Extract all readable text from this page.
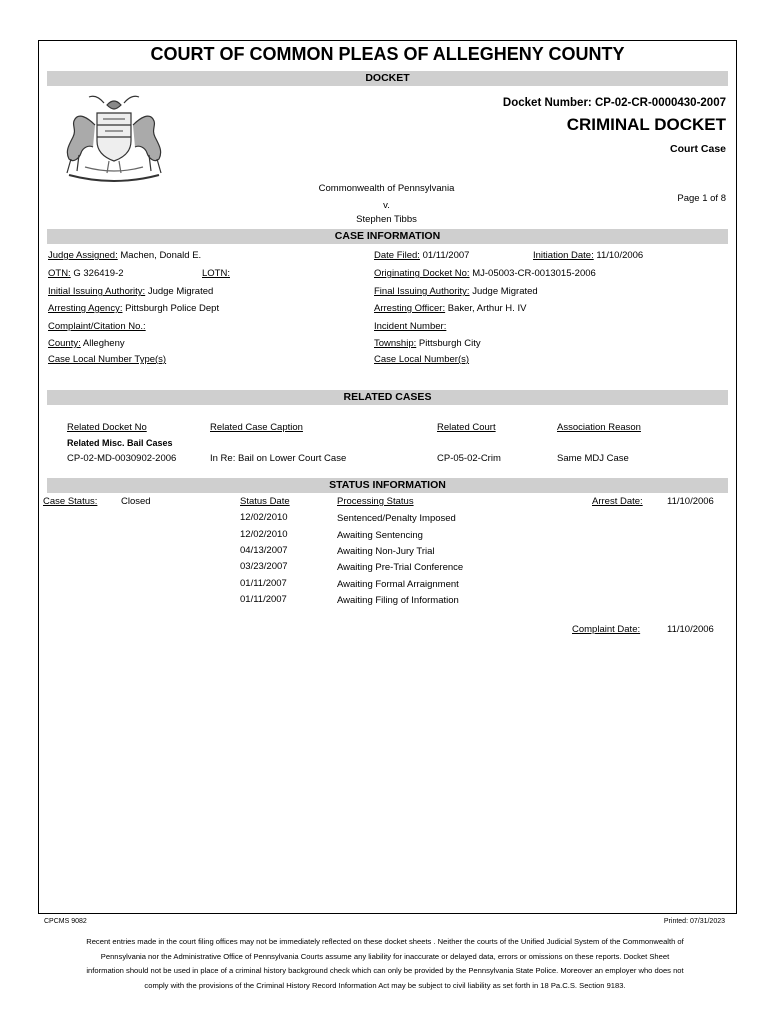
COURT OF COMMON PLEAS OF ALLEGHENY COUNTY
DOCKET
Docket Number: CP-02-CR-0000430-2007
CRIMINAL DOCKET
Court Case
Commonwealth of Pennsylvania
v.
Stephen Tibbs
Page 1 of 8
CASE INFORMATION
Judge Assigned: Machen, Donald E.	Date Filed: 01/11/2007	Initiation Date: 11/10/2006
OTN: G 326419-2	LOTN:	Originating Docket No: MJ-05003-CR-0013015-2006
Initial Issuing Authority: Judge Migrated	Final Issuing Authority: Judge Migrated
Arresting Agency: Pittsburgh Police Dept	Arresting Officer: Baker, Arthur H. IV
Complaint/Citation No.:	Incident Number:
County: Allegheny	Township: Pittsburgh City
Case Local Number Type(s)	Case Local Number(s)
RELATED CASES
Related Docket No	Related Case Caption	Related Court	Association Reason
Related Misc. Bail Cases
CP-02-MD-0030902-2006	In Re: Bail on Lower Court Case	CP-05-02-Crim	Same MDJ Case
STATUS INFORMATION
Case Status: Closed	Status Date	Processing Status	Arrest Date:	11/10/2006
12/02/2010	Sentenced/Penalty Imposed
12/02/2010	Awaiting Sentencing
04/13/2007	Awaiting Non-Jury Trial
03/23/2007	Awaiting Pre-Trial Conference
01/11/2007	Awaiting Formal Arraignment
01/11/2007	Awaiting Filing of Information
Complaint Date:	11/10/2006
CPCMS 9082	Printed: 07/31/2023
Recent entries made in the court filing offices may not be immediately reflected on these docket sheets . Neither the courts of the Unified Judicial System of the Commonwealth of Pennsylvania nor the Administrative Office of Pennsylvania Courts assume any liability for inaccurate or delayed data, errors or omissions on these reports. Docket Sheet information should not be used in place of a criminal history background check which can only be provided by the Pennsylvania State Police. Moreover an employer who does not comply with the provisions of the Criminal History Record Information Act may be subject to civil liability as set forth in 18 Pa.C.S. Section 9183.
